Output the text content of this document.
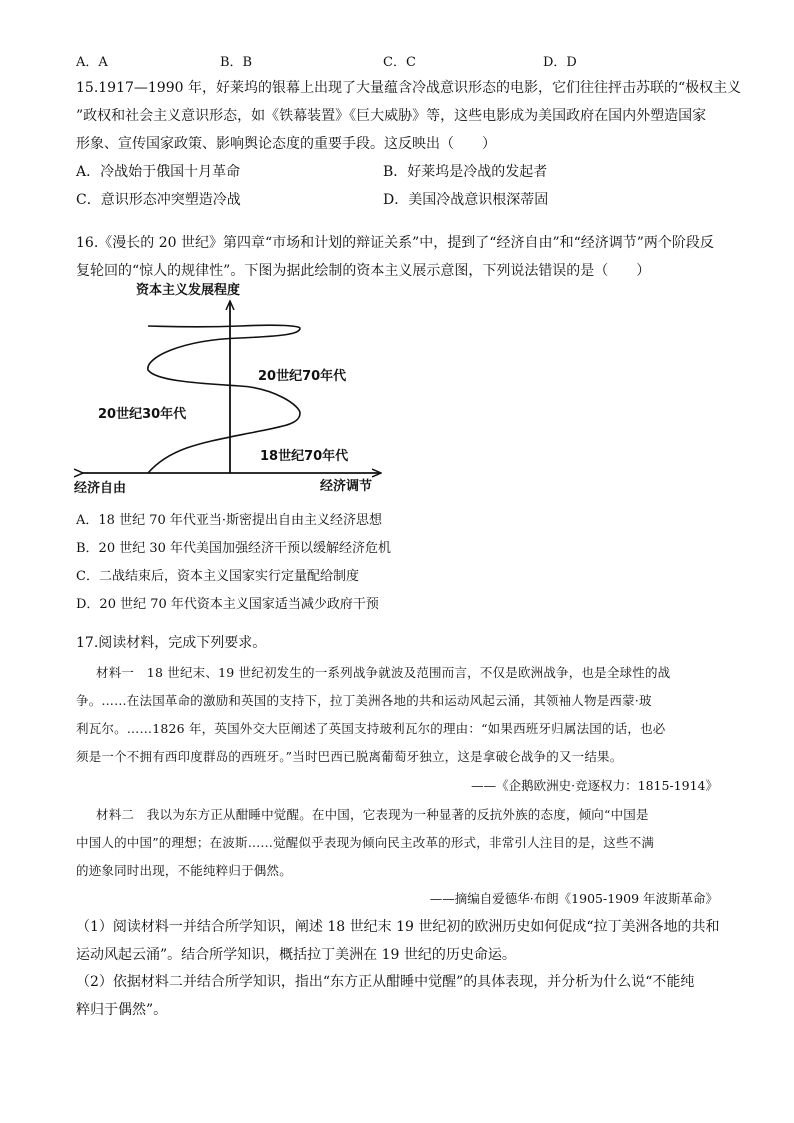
A．A	B．B	C．C	D．D
15.1917—1990 年，好莱坞的银幕上出现了大量蕴含冷战意识形态的电影，它们往往抨击苏联的“极权主义
”政权和社会主义意识形态，如《铁幕装置》《巨大威胁》等，这些电影成为美国政府在国内外塑造国家
形象、宣传国家政策、影响舆论态度的重要手段。这反映出（　　）
A．冷战始于俄国十月革命	B．好莱坞是冷战的发起者
C．意识形态冲突塑造冷战	D．美国冷战意识根深蒂固
16.《漫长的 20 世纪》第四章“市场和计划的辩证关系”中，提到了“经济自由”和“经济调节”两个阶段反
复轮回的“惊人的规律性”。下图为据此绘制的资本主义展示意图，下列说法错误的是（　　）
资本主义发展程度
经济自由	经济调节
20世纪70年代
20世纪30年代
18世纪70年代
A．18 世纪 70 年代亚当·斯密提出自由主义经济思想
B．20 世纪 30 年代美国加强经济干预以缓解经济危机
C．二战结束后，资本主义国家实行定量配给制度
D．20 世纪 70 年代资本主义国家适当减少政府干预
17.阅读材料，完成下列要求。
材料一　18 世纪末、19 世纪初发生的一系列战争就波及范围而言，不仅是欧洲战争，也是全球性的战
争。……在法国革命的激励和英国的支持下，拉丁美洲各地的共和运动风起云涌，其领袖人物是西蒙·玻
利瓦尔。……1826 年，英国外交大臣阐述了英国支持玻利瓦尔的理由：“如果西班牙归属法国的话，也必
须是一个不拥有西印度群岛的西班牙。”当时巴西已脱离葡萄牙独立，这是拿破仑战争的又一结果。
——《企鹅欧洲史·竞逐权力：1815-1914》
材料二　我以为东方正从酣睡中觉醒。在中国，它表现为一种显著的反抗外族的态度，倾向“中国是
中国人的中国”的理想；在波斯……觉醒似乎表现为倾向民主改革的形式，非常引人注目的是，这些不满
的迹象同时出现，不能纯粹归于偶然。
——摘编自爱德华·布朗《1905-1909 年波斯革命》
（1）阅读材料一并结合所学知识，阐述 18 世纪末 19 世纪初的欧洲历史如何促成“拉丁美洲各地的共和
运动风起云涌”。结合所学知识，概括拉丁美洲在 19 世纪的历史命运。
（2）依据材料二并结合所学知识，指出“东方正从酣睡中觉醒”的具体表现，并分析为什么说“不能纯
粹归于偶然”。
